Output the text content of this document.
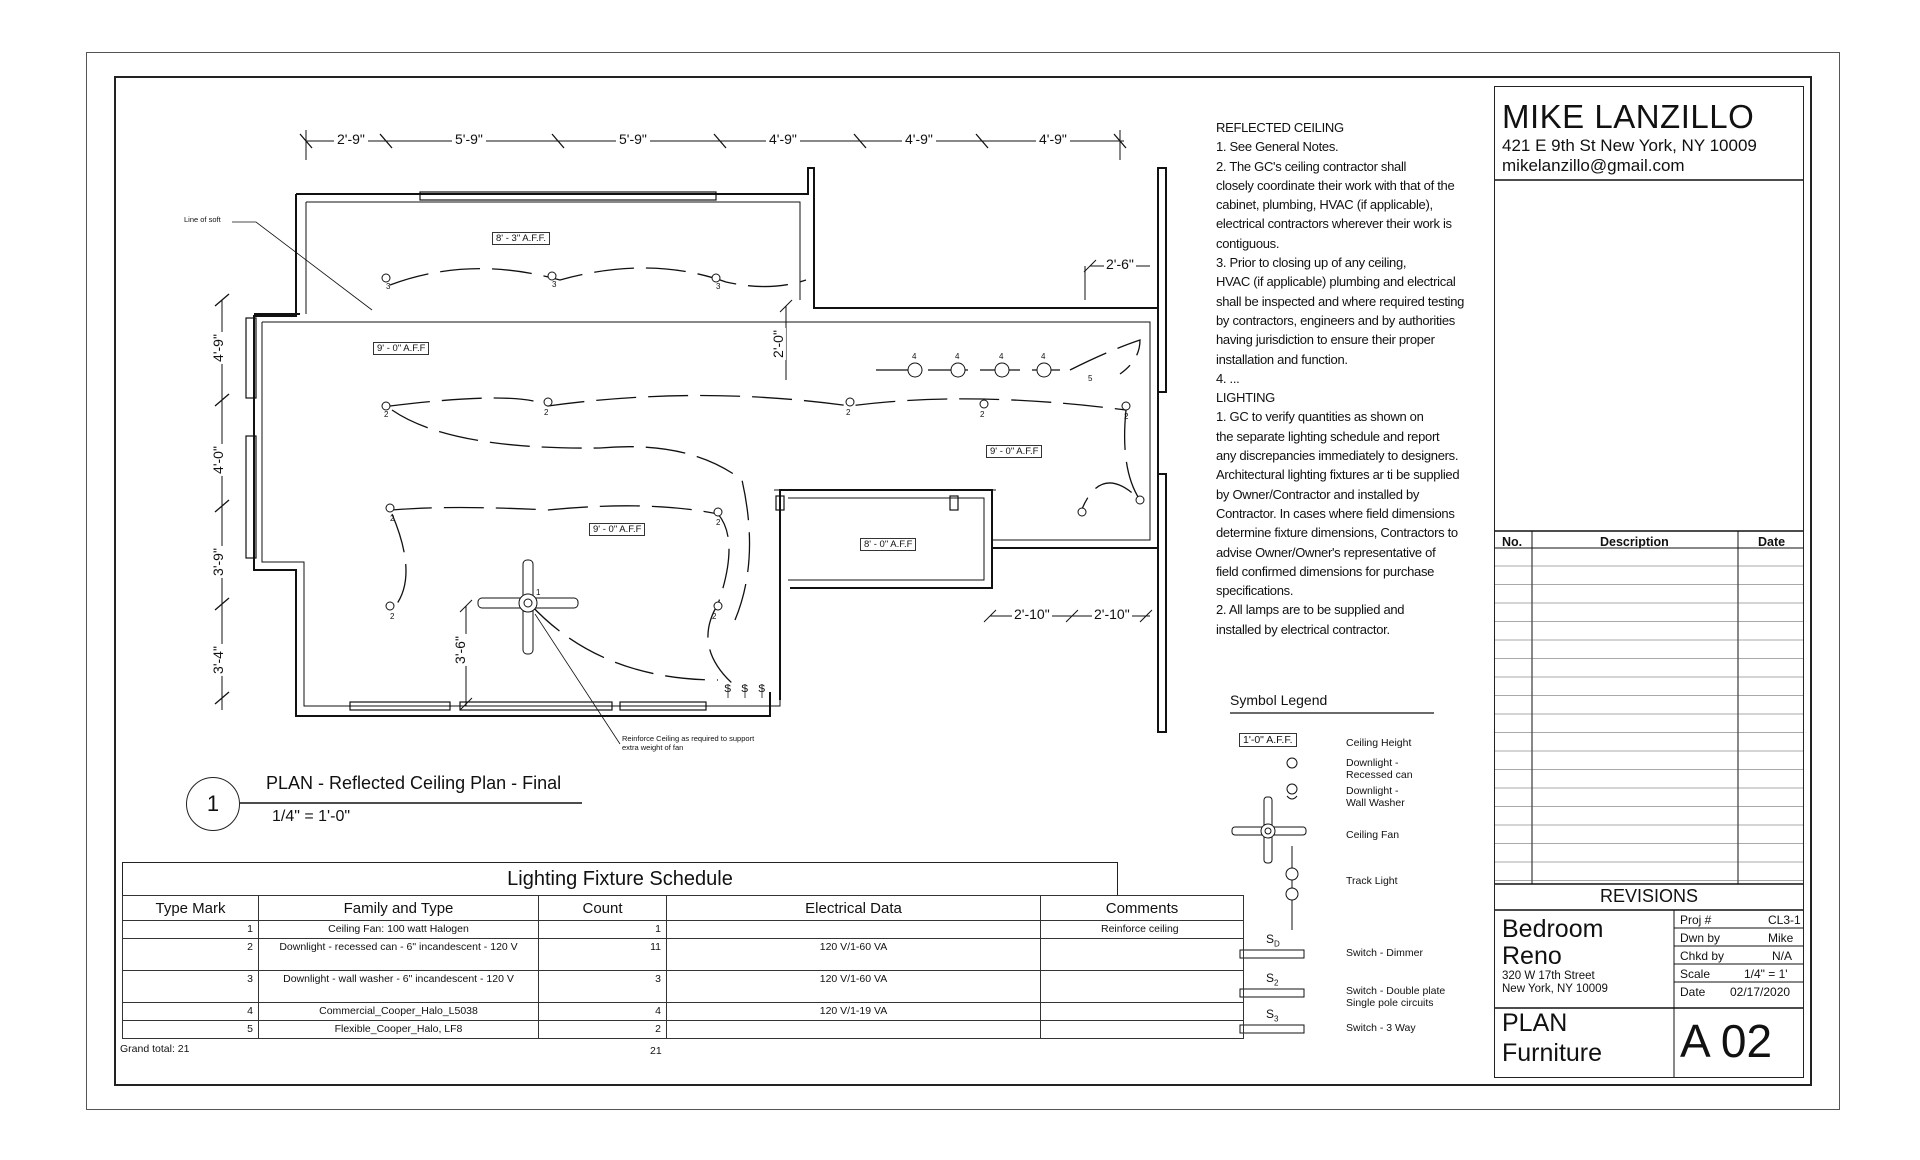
2'-9"	5'-9"	5'-9"	4'-9"	4'-9"	4'-9"
4'-9"
4'-0"
3'-9"
3'-4"
2'-6"
2'-0"
3'-6"
2'-10"	2'-10"
Line of soft
8' - 3" A.F.F.
9' - 0" A.F.F
9' - 0" A.F.F
9' - 0" A.F.F
8' - 0" A.F.F
Reinforce Ceiling as required to support
extra weight of fan
3	3	3
2	2	2	2	2
2	2
2	2
4	4	4	4
5
1
S S S
1
PLAN - Reflected Ceiling Plan - Final
1/4" = 1'-0"
REFLECTED CEILING
1. See General Notes.
2. The GC's ceiling contractor shall
closely coordinate their work with that of the
cabinet, plumbing, HVAC (if applicable),
electrical contractors wherever their work is
contiguous.
3. Prior to closing up of any ceiling,
HVAC (if applicable) plumbing and electrical
shall be inspected and where required testing
by contractors, engineers and by authorities
having jurisdiction to ensure their proper
installation and function.
4. ...
LIGHTING
1. GC to verify quantities as shown on
the separate lighting schedule and report
any discrepancies immediately to designers.
Architectural lighting fixtures ar ti be supplied
by Owner/Contractor and installed by
Contractor. In cases where field dimensions
determine fixture dimensions, Contractors to
advise Owner/Owner's representative of
field confirmed dimensions for purchase
specifications.
2. All lamps are to be supplied and
installed by electrical contractor.
Symbol Legend
1'-0" A.F.F.	Ceiling Height
Downlight -
Recessed can
Downlight -
Wall Washer
Ceiling Fan
Track Light
Switch - Dimmer
Switch - Double plate
Single pole circuits
Switch - 3 Way
$S_D$
$S_2$
$S_3$
Lighting Fixture Schedule
Type Mark	Family and Type	Count	Electrical Data	Comments
1	Ceiling Fan: 100 watt Halogen	1		Reinforce ceiling
2	Downlight - recessed can - 6" incandescent - 120 V	11	120 V/1-60 VA	
3	Downlight - wall washer - 6" incandescent - 120 V	3	120 V/1-60 VA	
4	Commercial_Cooper_Halo_L5038	4	120 V/1-19 VA	
5	Flexible_Cooper_Halo, LF8	2		
Grand total: 21	21
MIKE LANZILLO
421 E 9th St New York, NY 10009
mikelanzillo@gmail.com
No.	Description	Date
REVISIONS
Bedroom
Reno
320 W 17th Street
New York, NY 10009
Proj #	CL3-1
Dwn by	Mike
Chkd by	N/A
Scale	1/4" = 1'
Date 02/17/2020
PLAN
Furniture A 02
